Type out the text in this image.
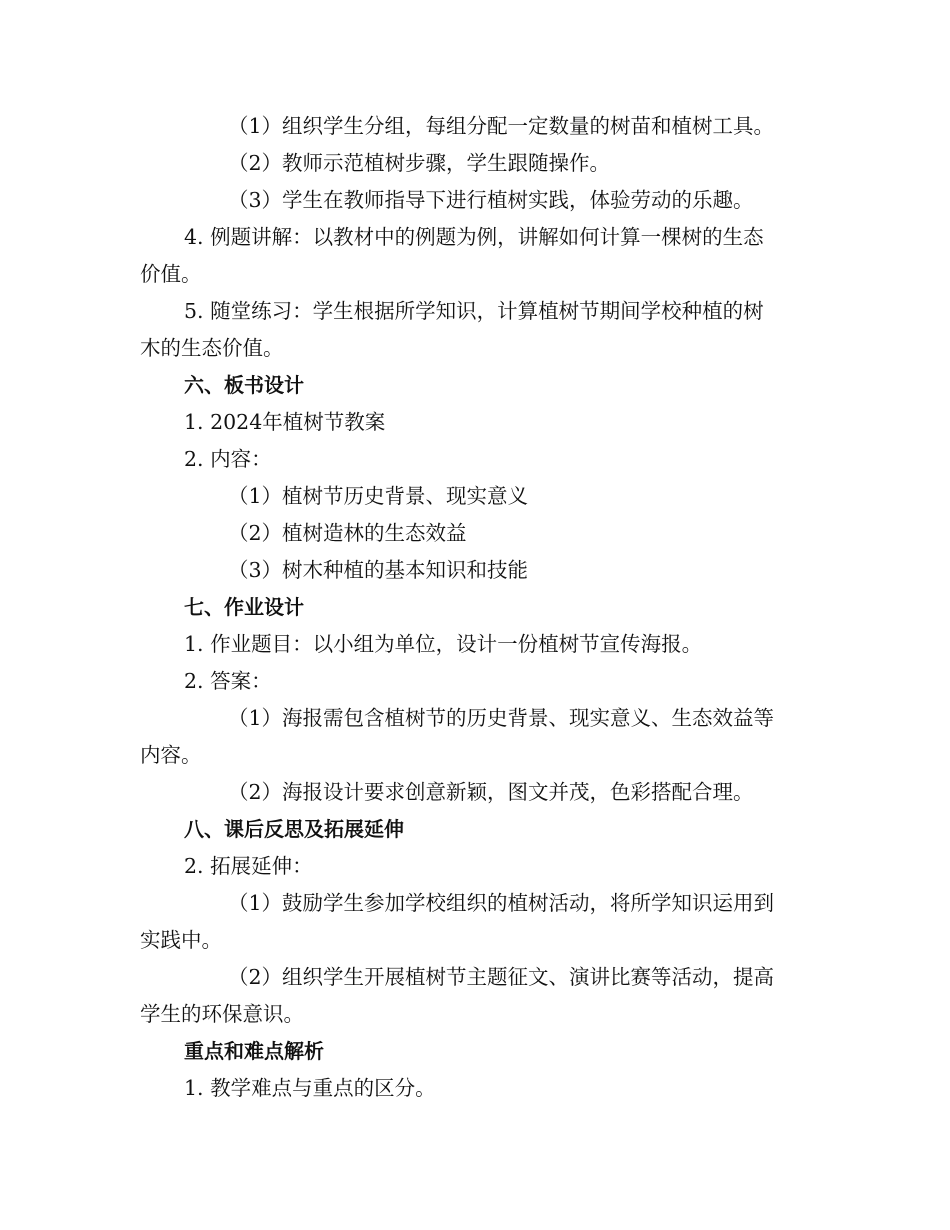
（1）组织学生分组，每组分配一定数量的树苗和植树工具。
（2）教师示范植树步骤，学生跟随操作。
（3）学生在教师指导下进行植树实践，体验劳动的乐趣。
4. 例题讲解：以教材中的例题为例，讲解如何计算一棵树的生态
价值。
5. 随堂练习：学生根据所学知识，计算植树节期间学校种植的树
木的生态价值。
六、板书设计
1. 2024年植树节教案
2. 内容：
（1）植树节历史背景、现实意义
（2）植树造林的生态效益
（3）树木种植的基本知识和技能
七、作业设计
1. 作业题目：以小组为单位，设计一份植树节宣传海报。
2. 答案：
（1）海报需包含植树节的历史背景、现实意义、生态效益等
内容。
（2）海报设计要求创意新颖，图文并茂，色彩搭配合理。
八、课后反思及拓展延伸
2. 拓展延伸：
（1）鼓励学生参加学校组织的植树活动，将所学知识运用到
实践中。
（2）组织学生开展植树节主题征文、演讲比赛等活动，提高
学生的环保意识。
重点和难点解析
1. 教学难点与重点的区分。
